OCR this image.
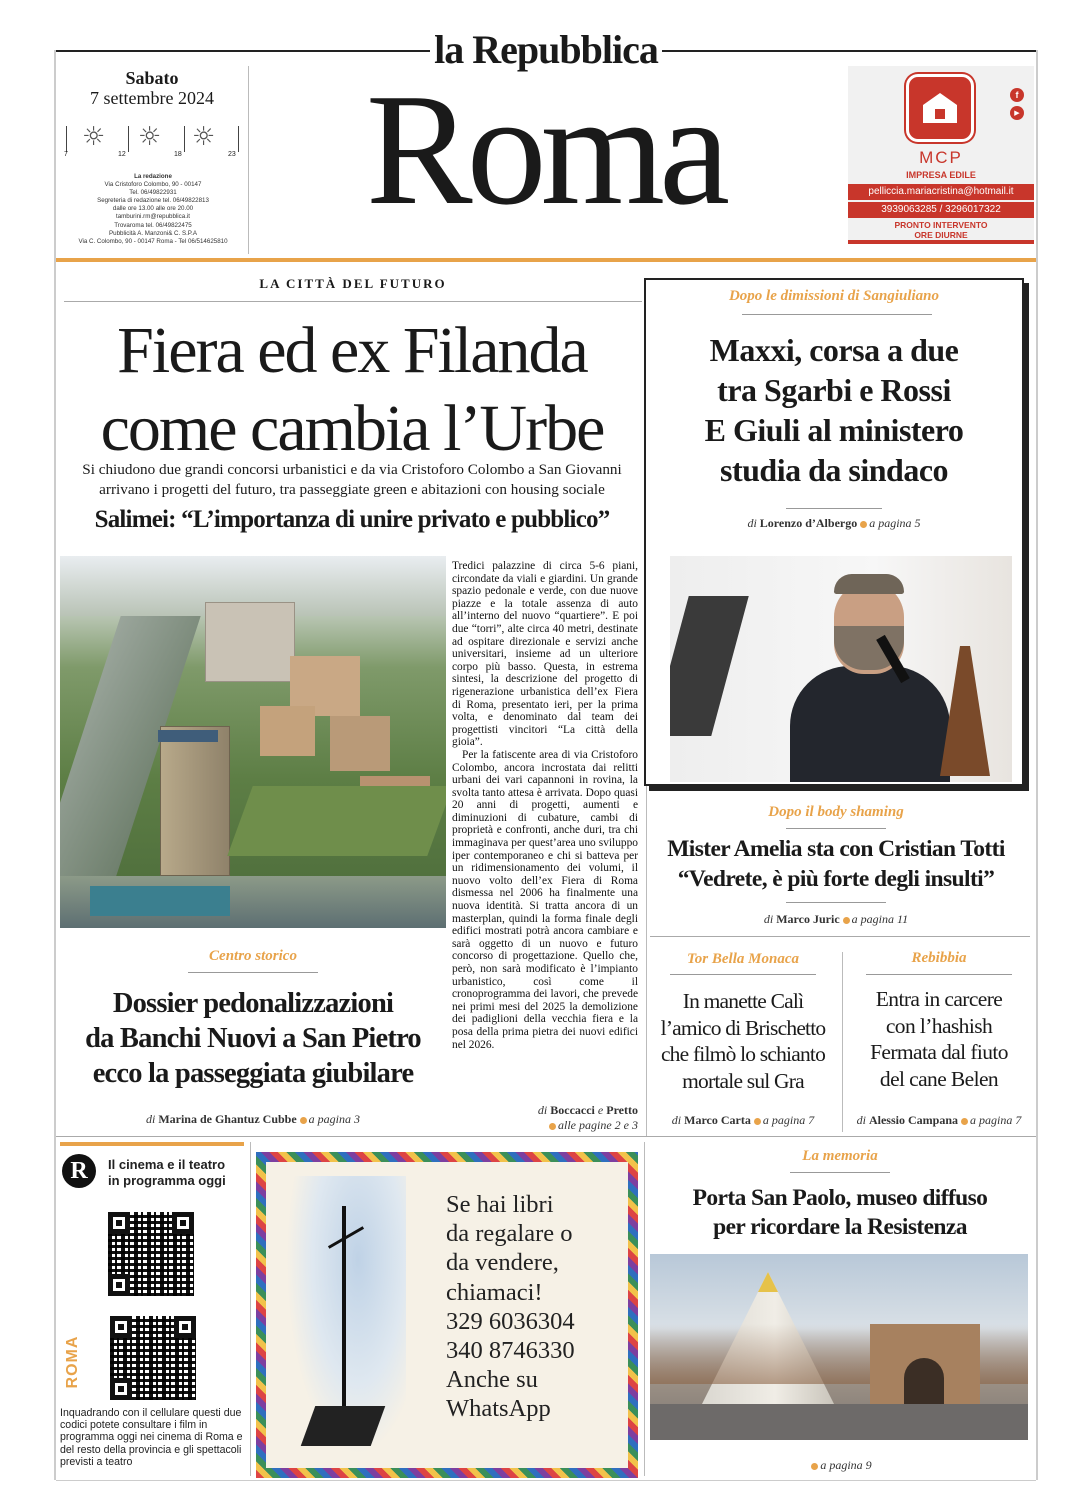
la Repubblica
Sabato
7 settembre 2024
☼ ☼ ☼
7	12	18	23
La redazione
Via Cristoforo Colombo, 90 - 00147
Tel. 06/49822931
Segreteria di redazione tel. 06/49822813
dalle ore 13.00 alle ore 20.00
tamburini.rm@repubblica.it
Trovaroma tel. 06/49822475
Pubblicità A. Manzoni& C. S.P.A
Via C. Colombo, 90 - 00147 Roma - Tel 06/514625810
Roma	MCP
IMPRESA EDILE
pelliccia.mariacristina@hotmail.it
3939063285 / 3296017322
PRONTO INTERVENTO
ORE DIURNE
f
▶
LA CITTÀ DEL FUTURO
Fiera ed ex Filanda
come cambia l’Urbe
Si chiudono due grandi concorsi urbanistici e da via Cristoforo Colombo a San Giovanni
arrivano i progetti del futuro, tra passeggiate green e abitazioni con housing sociale
Salimei: “L’importanza di unire privato e pubblico”

Tredici palazzine di circa 5-6 piani, circondate da viali e giardini. Un grande spazio pedonale e verde, con due nuove piazze e la totale assenza di auto all’interno del nuovo “quartiere”. E poi due “torri”, alte circa 40 metri, destinate ad ospitare direzionale e servizi anche universitari, insieme ad un ulteriore corpo più basso. Questa, in estrema sintesi, la descrizione del progetto di rigenerazione urbanistica dell’ex Fiera di Roma, presentato ieri, per la prima volta, e denominato dal team dei progettisti vincitori “La città della gioia”.

Per la fatiscente area di via Cristoforo Colombo, ancora incrostata dai relitti urbani dei vari capannoni in rovina, la svolta tanto attesa è arrivata. Dopo quasi 20 anni di progetti, aumenti e diminuzioni di cubature, cambi di proprietà e confronti, anche duri, tra chi immaginava per quest’area uno sviluppo iper contemporaneo e chi si batteva per un ridimensionamento dei volumi, il nuovo volto dell’ex Fiera di Roma dismessa nel 2006 ha finalmente una nuova identità. Si tratta ancora di un masterplan, quindi la forma finale degli edifici mostrati potrà ancora cambiare e sarà oggetto di un nuovo e futuro concorso di progettazione. Quello che, però, non sarà modificato è l’impianto urbanistico, così come il cronoprogramma dei lavori, che prevede nei primi mesi del 2025 la demolizione dei padiglioni della vecchia fiera e la posa della prima pietra dei nuovi edifici nel 2026.

di Boccacci e Pretto
alle pagine 2 e 3
Dopo le dimissioni di Sangiuliano
Maxxi, corsa a due
tra Sgarbi e Rossi
E Giuli al ministero
studia da sindaco
di Lorenzo d’Albergo a pagina 5
Dopo il body shaming
Mister Amelia sta con Cristian Totti
“Vedrete, è più forte degli insulti”
di Marco Juric a pagina 11
Tor Bella Monaca
In manette Calì
l’amico di Brischetto
che filmò lo schianto
mortale sul Gra
di Marco Carta a pagina 7
Rebibbia
Entra in carcere
con l’hashish
Fermata dal fiuto
del cane Belen
di Alessio Campana a pagina 7
Centro storico
Dossier pedonalizzazioni
da Banchi Nuovi a San Pietro
ecco la passeggiata giubilare
di Marina de Ghantuz Cubbe a pagina 3
R	Il cinema e il teatro
in programma oggi
ROMA
Inquadrando con il cellulare questi due codici potete consultare i film in programma oggi nei cinema di Roma e del resto della provincia e gli spettacoli previsti a teatro
Se hai libri
da regalare o
da vendere,
chiamaci!
329 6036304
340 8746330
Anche su
WhatsApp
La memoria
Porta San Paolo, museo diffuso
per ricordare la Resistenza
a pagina 9
